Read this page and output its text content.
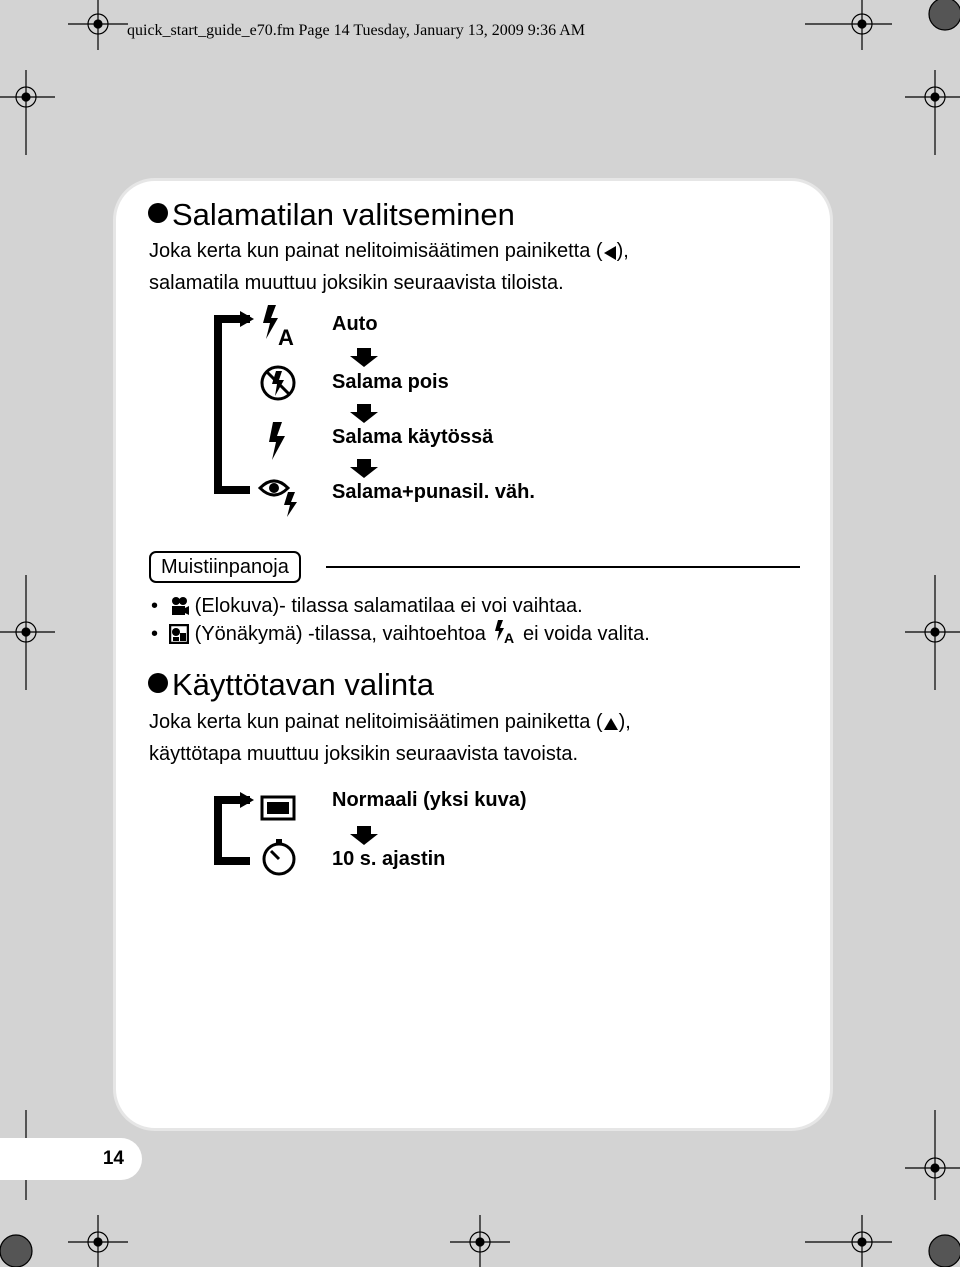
quick_start_guide_e70.fm Page 14 Tuesday, January 13, 2009 9:36 AM
Salamatilan valitseminen
Joka kerta kun painat nelitoimisäätimen painiketta ( ),
salamatila muuttuu joksikin seuraavista tiloista.
A
Auto
Salama pois
Salama käytössä
Salama+punasil. väh.
Muistiinpanoja
•   (Elokuva)- tilassa salamatilaa ei voi vaihtaa.
•   (Yönäkymä) -tilassa, vaihtoehtoa A ei voida valita.
Käyttötavan valinta
Joka kerta kun painat nelitoimisäätimen painiketta ( ),
käyttötapa muuttuu joksikin seuraavista tavoista.
Normaali (yksi kuva)
10 s. ajastin
14
